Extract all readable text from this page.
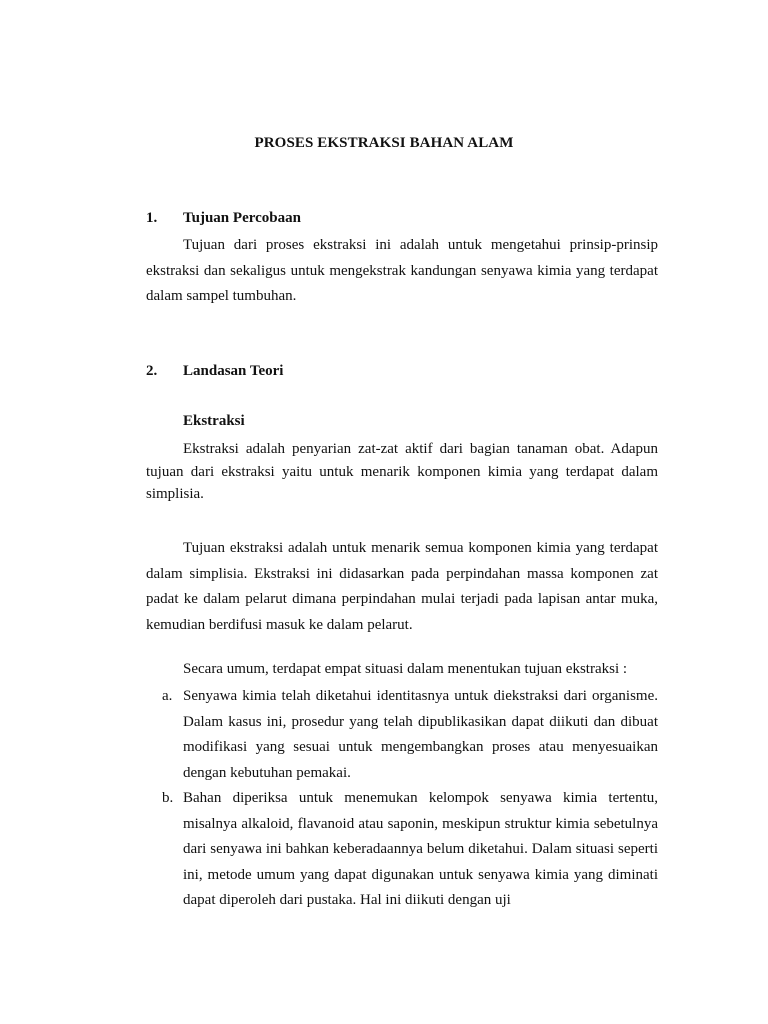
PROSES EKSTRAKSI BAHAN ALAM
1. Tujuan Percobaan

Tujuan dari proses ekstraksi ini adalah untuk mengetahui prinsip-prinsip ekstraksi dan sekaligus untuk mengekstrak kandungan senyawa kimia yang terdapat dalam sampel tumbuhan.

2. Landasan Teori
Ekstraksi

Ekstraksi adalah penyarian zat-zat aktif dari bagian tanaman obat. Adapun tujuan dari ekstraksi yaitu untuk menarik komponen kimia yang terdapat dalam simplisia.

Tujuan ekstraksi adalah untuk menarik semua komponen kimia yang terdapat dalam simplisia. Ekstraksi ini didasarkan pada perpindahan massa komponen zat padat ke dalam pelarut dimana perpindahan mulai terjadi pada lapisan antar muka, kemudian berdifusi masuk ke dalam pelarut.

Secara umum, terdapat empat situasi dalam menentukan tujuan ekstraksi :

a. Senyawa kimia telah diketahui identitasnya untuk diekstraksi dari organisme. Dalam kasus ini, prosedur yang telah dipublikasikan dapat diikuti dan dibuat modifikasi yang sesuai untuk mengembangkan proses atau menyesuaikan dengan kebutuhan pemakai.
b. Bahan diperiksa untuk menemukan kelompok senyawa kimia tertentu, misalnya alkaloid, flavanoid atau saponin, meskipun struktur kimia sebetulnya dari senyawa ini bahkan keberadaannya belum diketahui. Dalam situasi seperti ini, metode umum yang dapat digunakan untuk senyawa kimia yang diminati dapat diperoleh dari pustaka. Hal ini diikuti dengan uji
